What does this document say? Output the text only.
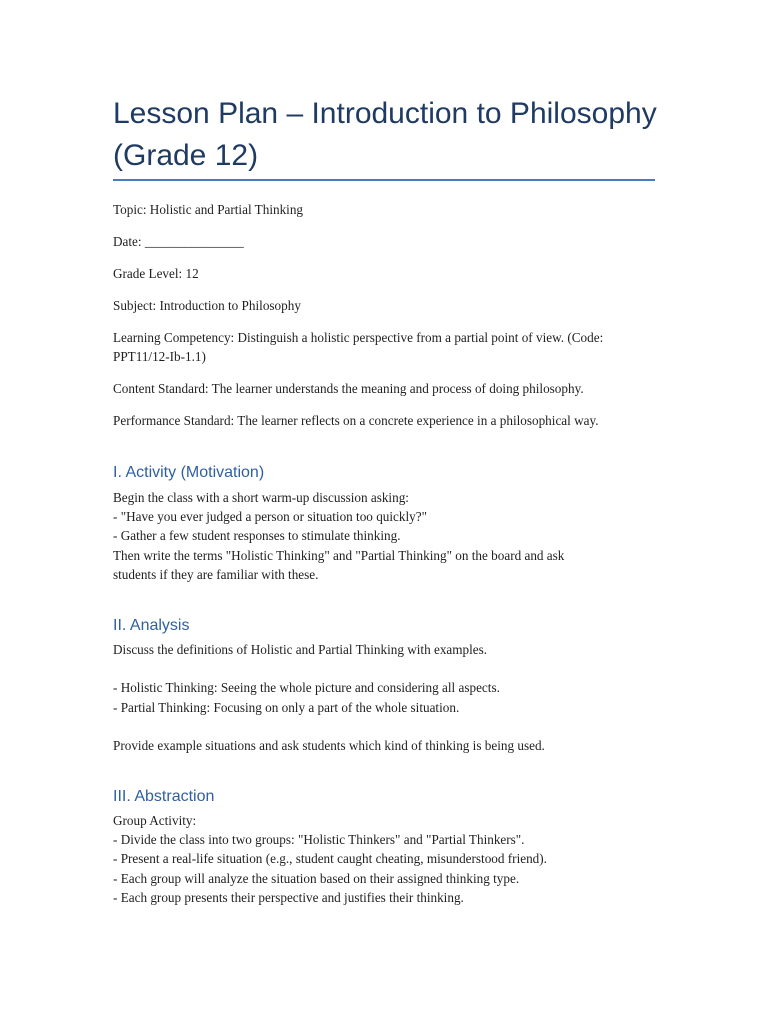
Lesson Plan – Introduction to Philosophy (Grade 12)

Topic: Holistic and Partial Thinking

Date: _______________

Grade Level: 12

Subject: Introduction to Philosophy

Learning Competency: Distinguish a holistic perspective from a partial point of view. (Code: PPT11/12-Ib-1.1)

Content Standard: The learner understands the meaning and process of doing philosophy.

Performance Standard: The learner reflects on a concrete experience in a philosophical way.

I. Activity (Motivation)
Begin the class with a short warm-up discussion asking:
- "Have you ever judged a person or situation too quickly?"
- Gather a few student responses to stimulate thinking.
Then write the terms "Holistic Thinking" and "Partial Thinking" on the board and ask
students if they are familiar with these.
II. Analysis
Discuss the definitions of Holistic and Partial Thinking with examples.
- Holistic Thinking: Seeing the whole picture and considering all aspects.
- Partial Thinking: Focusing on only a part of the whole situation.
Provide example situations and ask students which kind of thinking is being used.
III. Abstraction
Group Activity:
- Divide the class into two groups: "Holistic Thinkers" and "Partial Thinkers".
- Present a real-life situation (e.g., student caught cheating, misunderstood friend).
- Each group will analyze the situation based on their assigned thinking type.
- Each group presents their perspective and justifies their thinking.
